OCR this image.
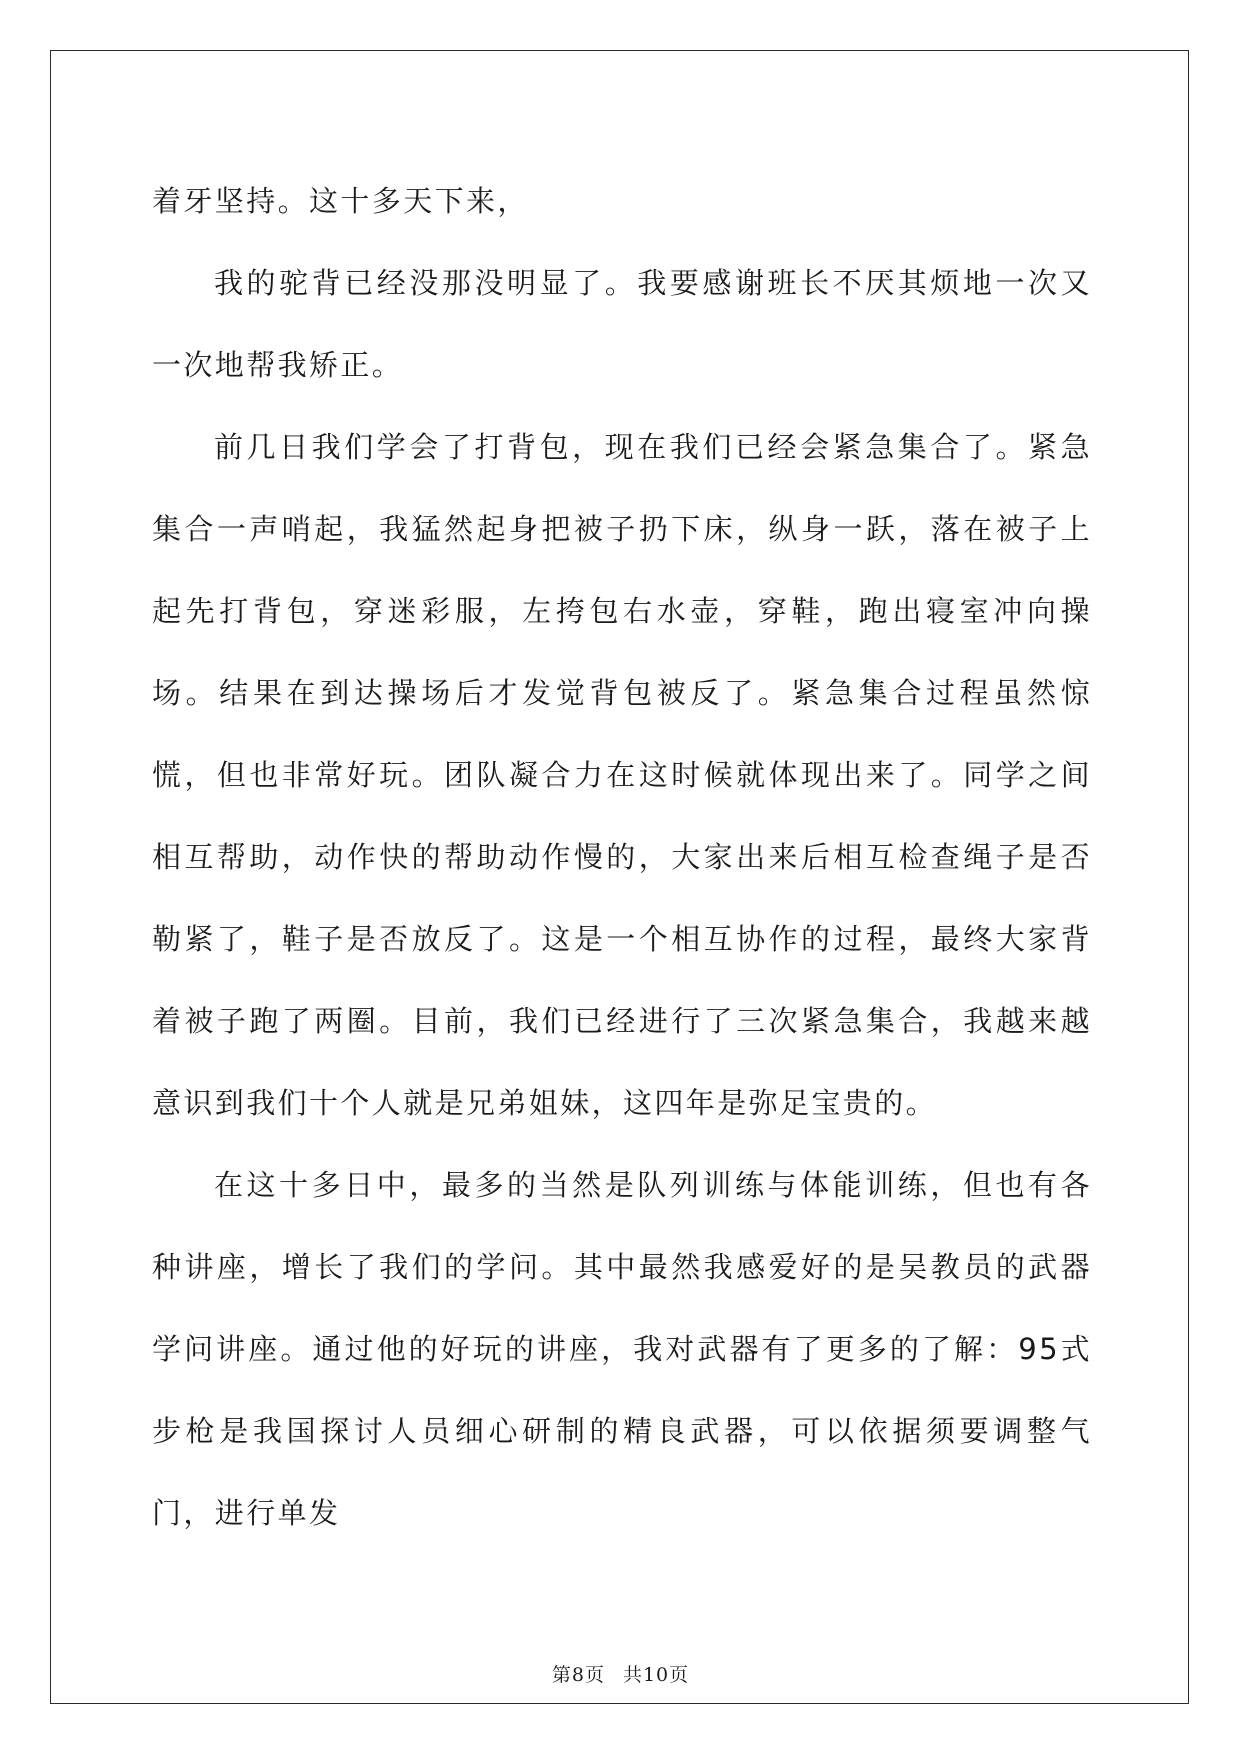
着牙坚持。这十多天下来，

我的驼背已经没那没明显了。我要感谢班长不厌其烦地一次又一次地帮我矫正。

前几日我们学会了打背包，现在我们已经会紧急集合了。紧急集合一声哨起，我猛然起身把被子扔下床，纵身一跃，落在被子上起先打背包，穿迷彩服，左挎包右水壶，穿鞋，跑出寝室冲向操场。结果在到达操场后才发觉背包被反了。紧急集合过程虽然惊慌，但也非常好玩。团队凝合力在这时候就体现出来了。同学之间相互帮助，动作快的帮助动作慢的，大家出来后相互检查绳子是否勒紧了，鞋子是否放反了。这是一个相互协作的过程，最终大家背着被子跑了两圈。目前，我们已经进行了三次紧急集合，我越来越意识到我们十个人就是兄弟姐妹，这四年是弥足宝贵的。

在这十多日中，最多的当然是队列训练与体能训练，但也有各种讲座，增长了我们的学问。其中最然我感爱好的是吴教员的武器学问讲座。通过他的好玩的讲座，我对武器有了更多的了解：95式步枪是我国探讨人员细心研制的精良武器，可以依据须要调整气门，进行单发

第8页 共10页
